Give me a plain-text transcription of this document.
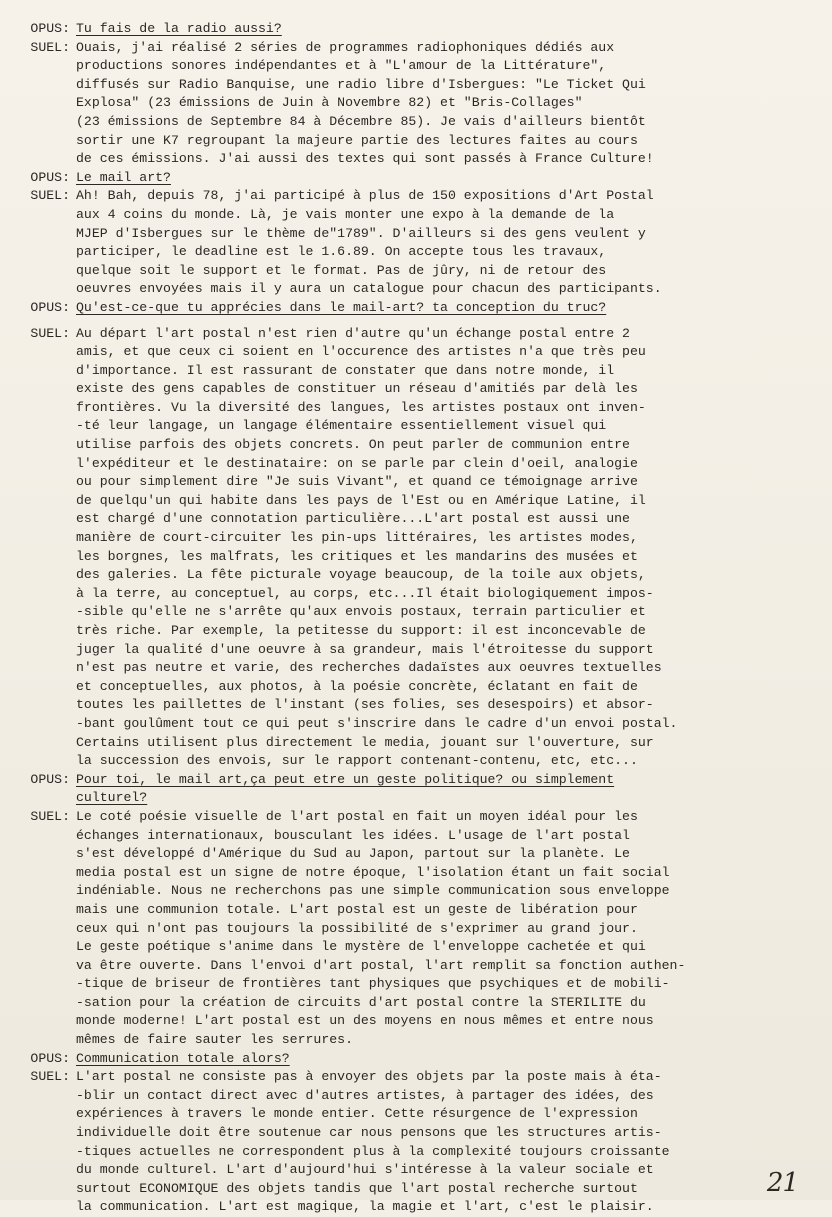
OPUS: Tu fais de la radio aussi?
SUEL: Ouais, j'ai réalisé 2 séries de programmes radiophoniques dédiés aux
productions sonores indépendantes et à "L'amour de la Littérature",
diffusés sur Radio Banquise, une radio libre d'Isbergues: "Le Ticket Qui
Explosa" (23 émissions de Juin à Novembre 82) et "Bris-Collages"
(23 émissions de Septembre 84 à Décembre 85). Je vais d'ailleurs bientôt
sortir une K7 regroupant la majeure partie des lectures faites au cours
de ces émissions. J'ai aussi des textes qui sont passés à France Culture!
OPUS: Le mail art?
SUEL: Ah! Bah, depuis 78, j'ai participé à plus de 150 expositions d'Art Postal
aux 4 coins du monde. Là, je vais monter une expo à la demande de la
MJEP d'Isbergues sur le thème de"1789". D'ailleurs si des gens veulent y
participer, le deadline est le 1.6.89. On accepte tous les travaux,
quelque soit le support et le format. Pas de jûry, ni de retour des
oeuvres envoyées mais il y aura un catalogue pour chacun des participants.
OPUS: Qu'est-ce-que tu apprécies dans le mail-art? ta conception du truc?
SUEL: Au départ l'art postal n'est rien d'autre qu'un échange postal entre 2
amis, et que ceux ci soient en l'occurence des artistes n'a que très peu
d'importance. Il est rassurant de constater que dans notre monde, il
existe des gens capables de constituer un réseau d'amitiés par delà les
frontières. Vu la diversité des langues, les artistes postaux ont inven-
-té leur langage, un langage élémentaire essentiellement visuel qui
utilise parfois des objets concrets. On peut parler de communion entre
l'expéditeur et le destinataire: on se parle par clein d'oeil, analogie
ou pour simplement dire "Je suis Vivant", et quand ce témoignage arrive
de quelqu'un qui habite dans les pays de l'Est ou en Amérique Latine, il
est chargé d'une connotation particulière...L'art postal est aussi une
manière de court-circuiter les pin-ups littéraires, les artistes modes,
les borgnes, les malfrats, les critiques et les mandarins des musées et
des galeries. La fête picturale voyage beaucoup, de la toile aux objets,
à la terre, au conceptuel, au corps, etc...Il était biologiquement impos-
-sible qu'elle ne s'arrête qu'aux envois postaux, terrain particulier et
très riche. Par exemple, la petitesse du support: il est inconcevable de
juger la qualité d'une oeuvre à sa grandeur, mais l'étroitesse du support
n'est pas neutre et varie, des recherches dadaïstes aux oeuvres textuelles
et conceptuelles, aux photos, à la poésie concrète, éclatant en fait de
toutes les paillettes de l'instant (ses folies, ses desespoirs) et absor-
-bant goulûment tout ce qui peut s'inscrire dans le cadre d'un envoi postal.
Certains utilisent plus directement le media, jouant sur l'ouverture, sur
la succession des envois, sur le rapport contenant-contenu, etc, etc...
OPUS: Pour toi, le mail art,ça peut etre un geste politique? ou simplement
culturel?
SUEL: Le coté poésie visuelle de l'art postal en fait un moyen idéal pour les
échanges internationaux, bousculant les idées. L'usage de l'art postal
s'est développé d'Amérique du Sud au Japon, partout sur la planète. Le
media postal est un signe de notre époque, l'isolation étant un fait social
indéniable. Nous ne recherchons pas une simple communication sous enveloppe
mais une communion totale. L'art postal est un geste de libération pour
ceux qui n'ont pas toujours la possibilité de s'exprimer au grand jour.
Le geste poétique s'anime dans le mystère de l'enveloppe cachetée et qui
va être ouverte. Dans l'envoi d'art postal, l'art remplit sa fonction authen-
-tique de briseur de frontières tant physiques que psychiques et de mobili-
-sation pour la création de circuits d'art postal contre la STERILITE du
monde moderne! L'art postal est un des moyens en nous mêmes et entre nous
mêmes de faire sauter les serrures.
OPUS: Communication totale alors?
SUEL: L'art postal ne consiste pas à envoyer des objets par la poste mais à éta-
-blir un contact direct avec d'autres artistes, à partager des idées, des
expériences à travers le monde entier. Cette résurgence de l'expression
individuelle doit être soutenue car nous pensons que les structures artis-
-tiques actuelles ne correspondent plus à la complexité toujours croissante
du monde culturel. L'art d'aujourd'hui s'intéresse à la valeur sociale et
surtout ECONOMIQUE des objets tandis que l'art postal recherche surtout
la communication. L'art est magique, la magie et l'art, c'est le plaisir.
21
